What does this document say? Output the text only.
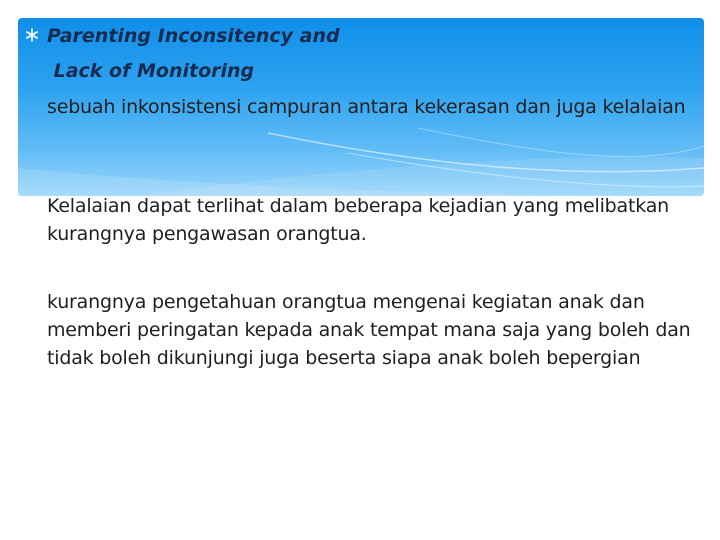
Parenting Inconsitency and

Lack of Monitoring

sebuah inkonsistensi campuran antara kekerasan dan juga kelalaian

Kelalaian dapat terlihat dalam beberapa kejadian yang melibatkan kurangnya pengawasan orangtua.

kurangnya pengetahuan orangtua mengenai kegiatan anak dan memberi peringatan kepada anak tempat mana saja yang boleh dan tidak boleh dikunjungi juga beserta siapa anak boleh bepergian
